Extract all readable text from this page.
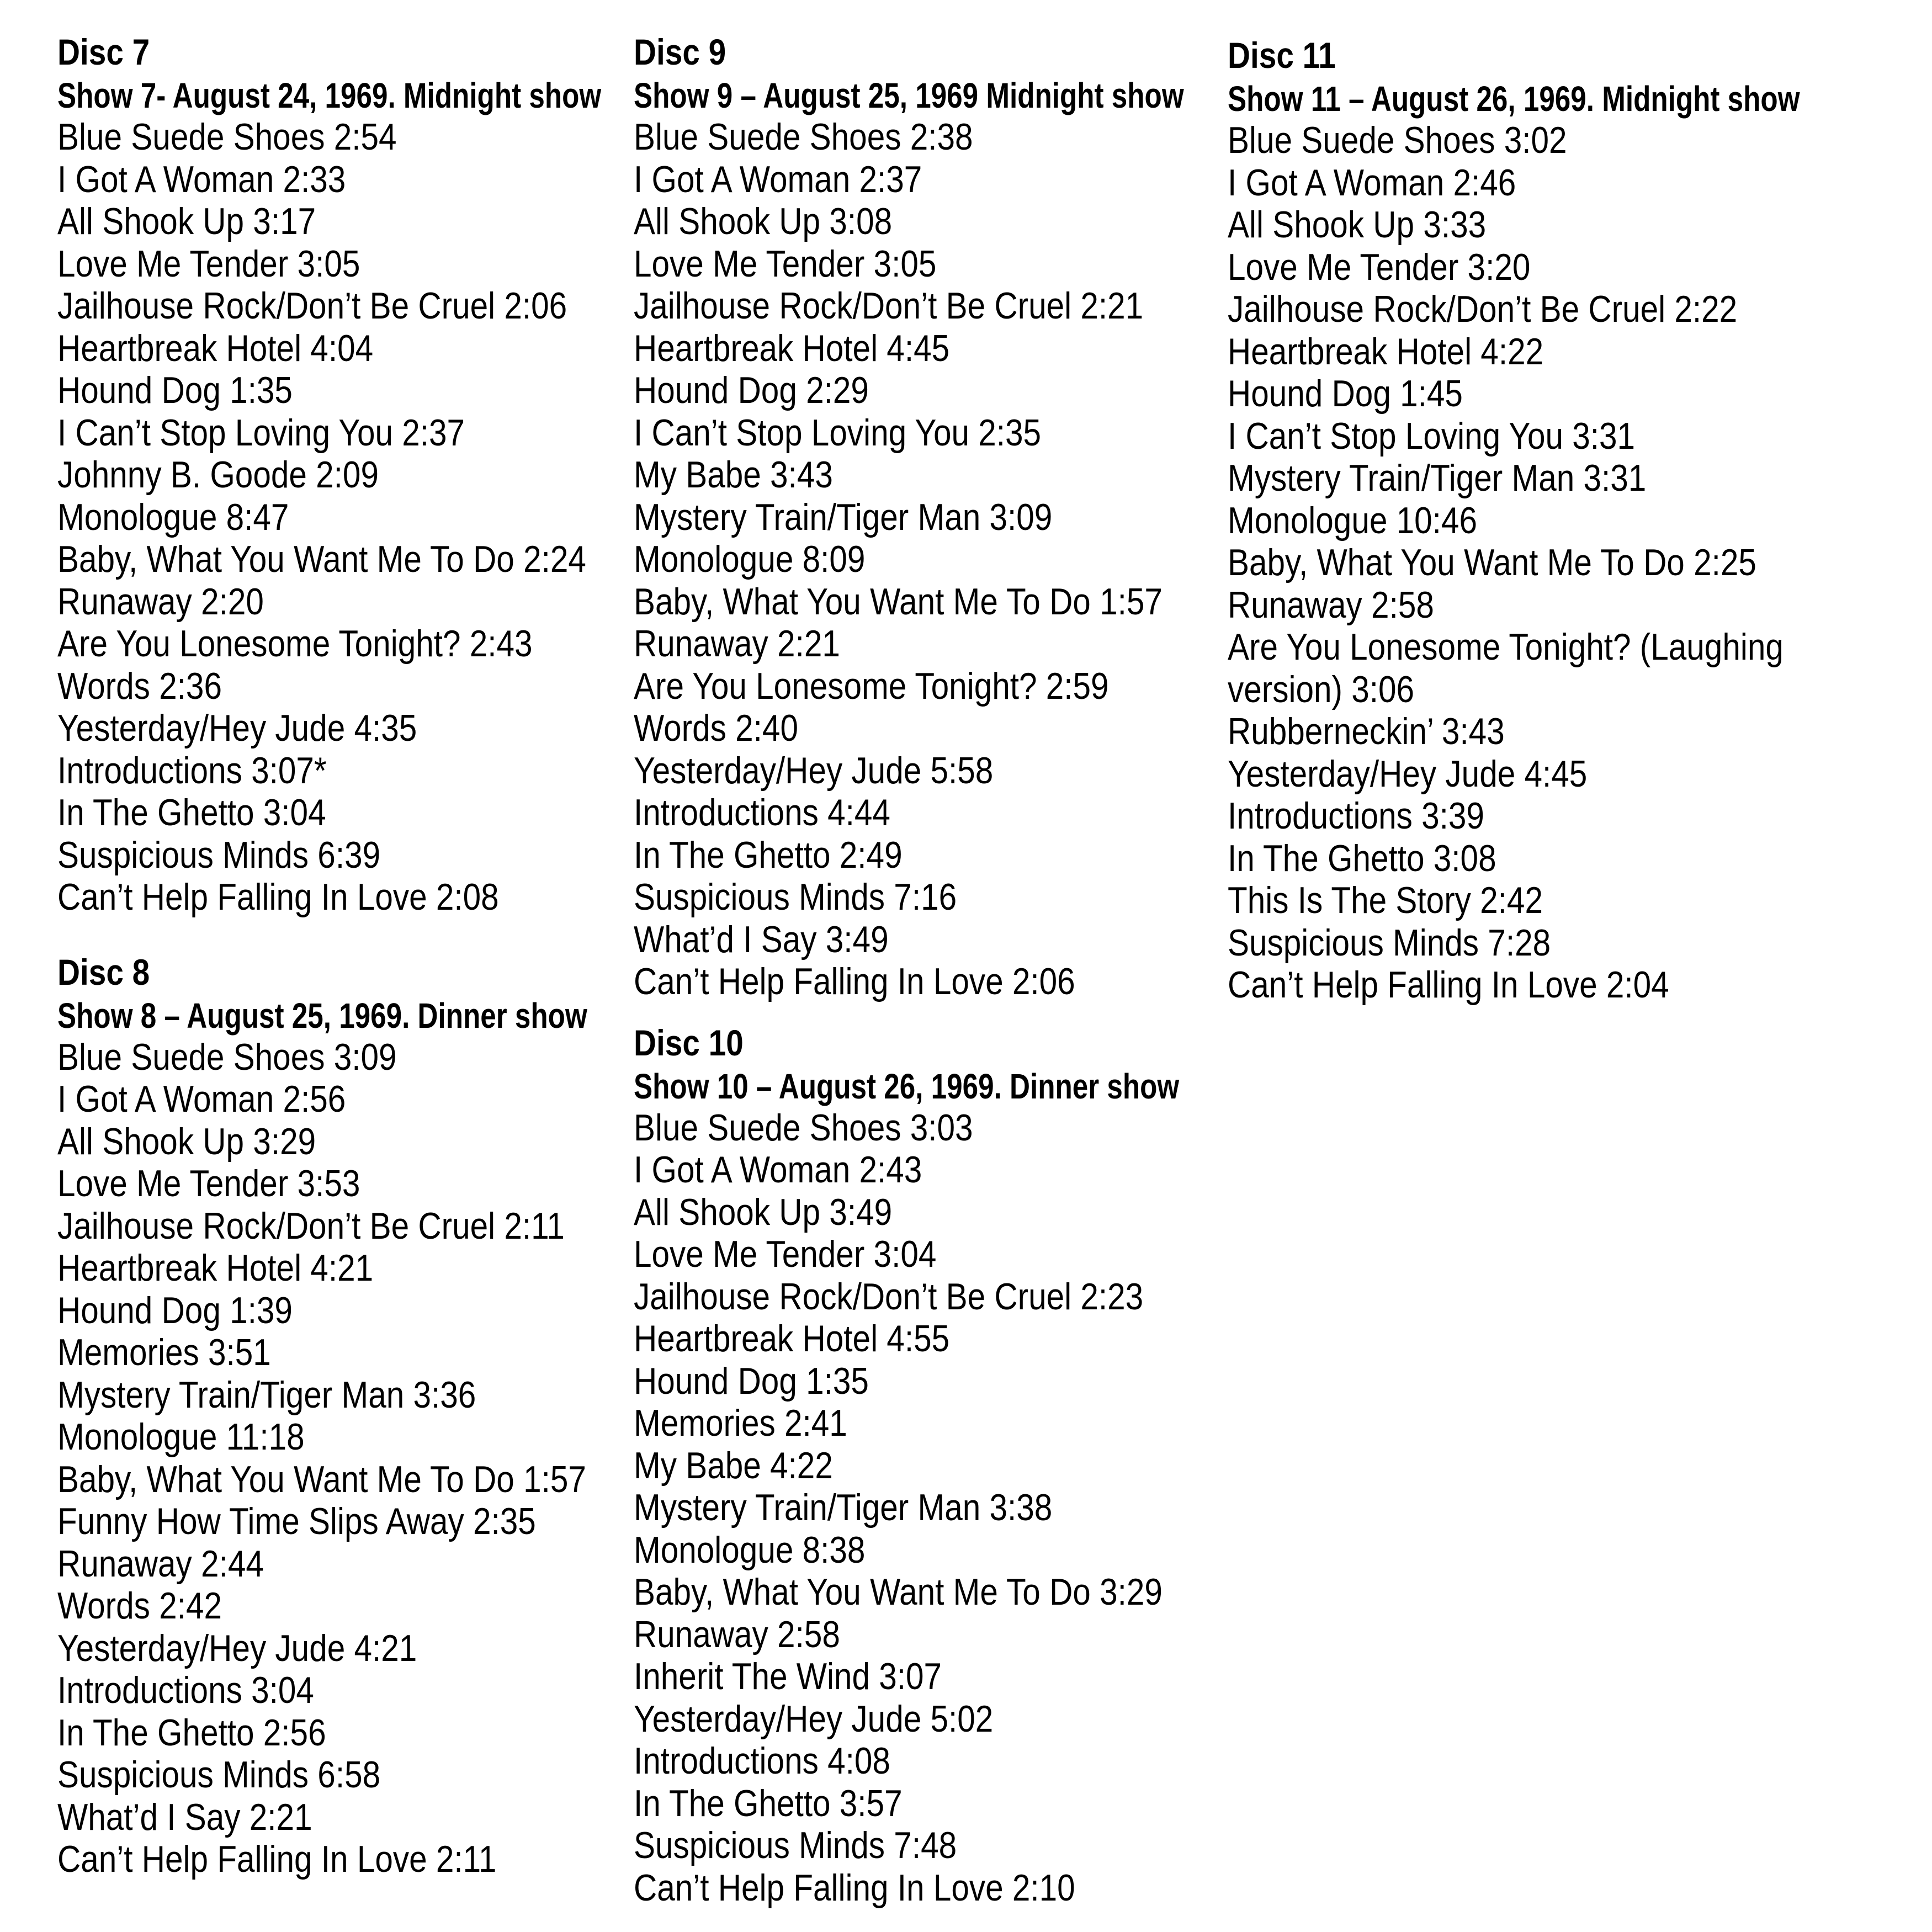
Disc 7
Show 7- August 24, 1969. Midnight show
Blue Suede Shoes 2:54
I Got A Woman 2:33
All Shook Up 3:17
Love Me Tender 3:05
Jailhouse Rock/Don’t Be Cruel 2:06
Heartbreak Hotel 4:04
Hound Dog 1:35
I Can’t Stop Loving You 2:37
Johnny B. Goode 2:09
Monologue 8:47
Baby, What You Want Me To Do 2:24
Runaway 2:20
Are You Lonesome Tonight? 2:43
Words 2:36
Yesterday/Hey Jude 4:35
Introductions 3:07*
In The Ghetto 3:04
Suspicious Minds 6:39
Can’t Help Falling In Love 2:08
Disc 8
Show 8 – August 25, 1969. Dinner show
Blue Suede Shoes 3:09
I Got A Woman 2:56
All Shook Up 3:29
Love Me Tender 3:53
Jailhouse Rock/Don’t Be Cruel 2:11
Heartbreak Hotel 4:21
Hound Dog 1:39
Memories 3:51
Mystery Train/Tiger Man 3:36
Monologue 11:18
Baby, What You Want Me To Do 1:57
Funny How Time Slips Away 2:35
Runaway 2:44
Words 2:42
Yesterday/Hey Jude 4:21
Introductions 3:04
In The Ghetto 2:56
Suspicious Minds 6:58
What’d I Say 2:21
Can’t Help Falling In Love 2:11
Disc 9
Show 9 – August 25, 1969 Midnight show
Blue Suede Shoes 2:38
I Got A Woman 2:37
All Shook Up 3:08
Love Me Tender 3:05
Jailhouse Rock/Don’t Be Cruel 2:21
Heartbreak Hotel 4:45
Hound Dog 2:29
I Can’t Stop Loving You 2:35
My Babe 3:43
Mystery Train/Tiger Man 3:09
Monologue 8:09
Baby, What You Want Me To Do 1:57
Runaway 2:21
Are You Lonesome Tonight? 2:59
Words 2:40
Yesterday/Hey Jude 5:58
Introductions 4:44
In The Ghetto 2:49
Suspicious Minds 7:16
What’d I Say 3:49
Can’t Help Falling In Love 2:06
Disc 10
Show 10 – August 26, 1969. Dinner show
Blue Suede Shoes 3:03
I Got A Woman 2:43
All Shook Up 3:49
Love Me Tender 3:04
Jailhouse Rock/Don’t Be Cruel 2:23
Heartbreak Hotel 4:55
Hound Dog 1:35
Memories 2:41
My Babe 4:22
Mystery Train/Tiger Man 3:38
Monologue 8:38
Baby, What You Want Me To Do 3:29
Runaway 2:58
Inherit The Wind 3:07
Yesterday/Hey Jude 5:02
Introductions 4:08
In The Ghetto 3:57
Suspicious Minds 7:48
Can’t Help Falling In Love 2:10
Disc 11
Show 11 – August 26, 1969. Midnight show
Blue Suede Shoes 3:02
I Got A Woman 2:46
All Shook Up 3:33
Love Me Tender 3:20
Jailhouse Rock/Don’t Be Cruel 2:22
Heartbreak Hotel 4:22
Hound Dog 1:45
I Can’t Stop Loving You 3:31
Mystery Train/Tiger Man 3:31
Monologue 10:46
Baby, What You Want Me To Do 2:25
Runaway 2:58
Are You Lonesome Tonight? (Laughing version) 3:06
Rubberneckin’ 3:43
Yesterday/Hey Jude 4:45
Introductions 3:39
In The Ghetto 3:08
This Is The Story 2:42
Suspicious Minds 7:28
Can’t Help Falling In Love 2:04
